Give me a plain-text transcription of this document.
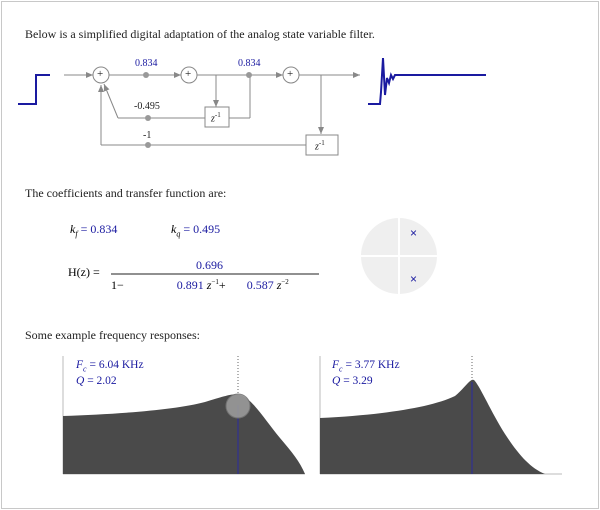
Below is a simplified digital adaptation of the analog state variable filter.
+	+	+
0.834	0.834
-0.495
-1
$z^{-1}$
$z^{-1}$
The coefficients and transfer function are:
$k_f = 0.834$	$k_q = 0.495$
H(z) =	0.696
1−	0.891 $z^{-1}+ 0.587$ $z^{-2}$
×
×
Some example frequency responses:
$F_c = 6.04$ KHz
Q = 2.02
$F_c = 3.77$ KHz
Q = 3.29
